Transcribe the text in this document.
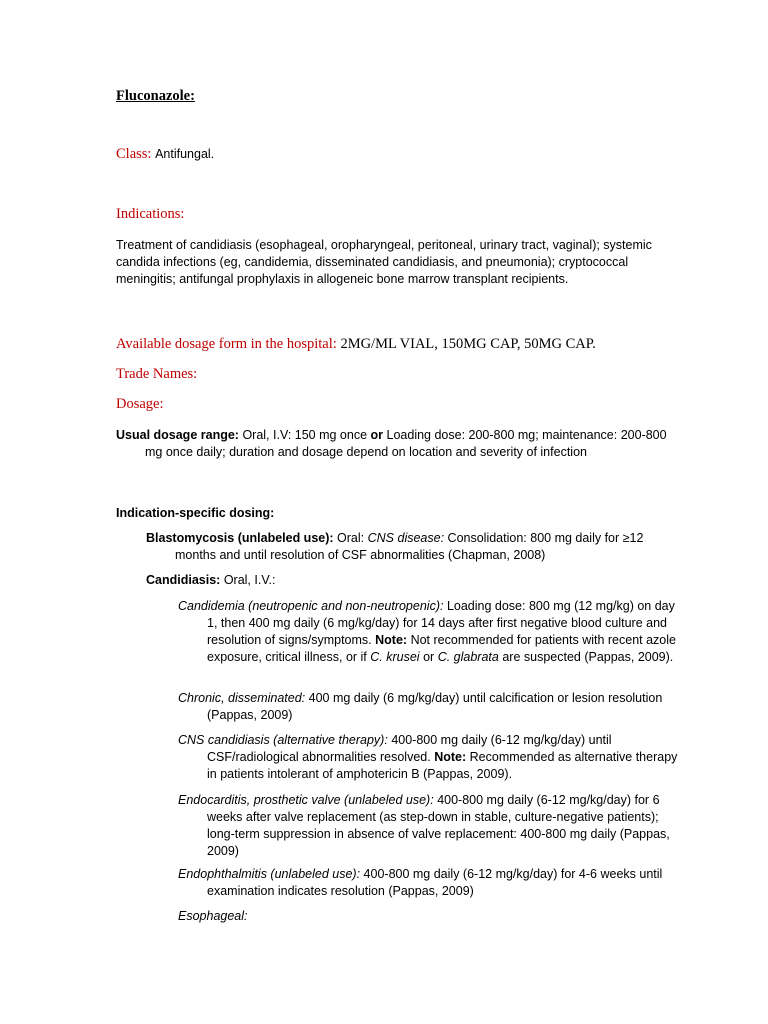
Fluconazole:
Class: Antifungal.
Indications:
Treatment of candidiasis (esophageal, oropharyngeal, peritoneal, urinary tract, vaginal); systemic candida infections (eg, candidemia, disseminated candidiasis, and pneumonia); cryptococcal meningitis; antifungal prophylaxis in allogeneic bone marrow transplant recipients.
Available dosage form in the hospital: 2MG/ML VIAL, 150MG CAP, 50MG CAP.
Trade Names:
Dosage:
Usual dosage range: Oral, I.V: 150 mg once or Loading dose: 200-800 mg; maintenance: 200-800 mg once daily; duration and dosage depend on location and severity of infection
Indication-specific dosing:
Blastomycosis (unlabeled use): Oral: CNS disease: Consolidation: 800 mg daily for ≥12 months and until resolution of CSF abnormalities (Chapman, 2008)
Candidiasis: Oral, I.V.:
Candidemia (neutropenic and non-neutropenic): Loading dose: 800 mg (12 mg/kg) on day 1, then 400 mg daily (6 mg/kg/day) for 14 days after first negative blood culture and resolution of signs/symptoms. Note: Not recommended for patients with recent azole exposure, critical illness, or if C. krusei or C. glabrata are suspected (Pappas, 2009).
Chronic, disseminated: 400 mg daily (6 mg/kg/day) until calcification or lesion resolution (Pappas, 2009)
CNS candidiasis (alternative therapy): 400-800 mg daily (6-12 mg/kg/day) until CSF/radiological abnormalities resolved. Note: Recommended as alternative therapy in patients intolerant of amphotericin B (Pappas, 2009).
Endocarditis, prosthetic valve (unlabeled use): 400-800 mg daily (6-12 mg/kg/day) for 6 weeks after valve replacement (as step-down in stable, culture-negative patients); long-term suppression in absence of valve replacement: 400-800 mg daily (Pappas, 2009)
Endophthalmitis (unlabeled use): 400-800 mg daily (6-12 mg/kg/day) for 4-6 weeks until examination indicates resolution (Pappas, 2009)
Esophageal:
